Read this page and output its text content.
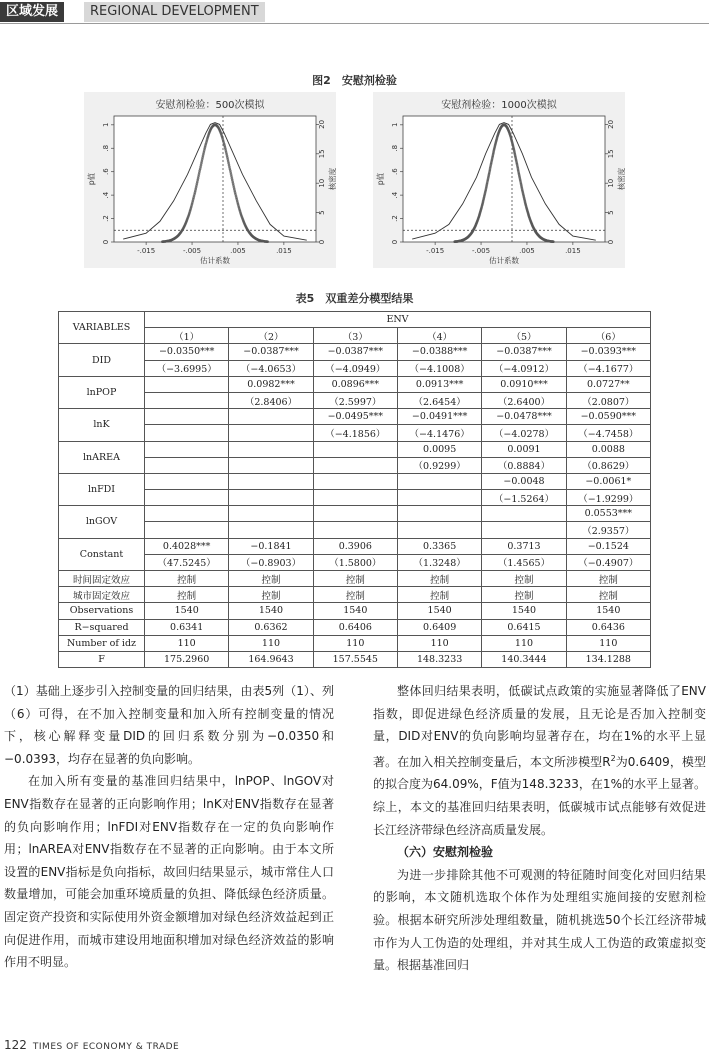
区域发展	REGIONAL DEVELOPMENT
图2　安慰剂检验
安慰剂检验：500次模拟	安慰剂检验：1000次模拟
0
.2
.4
.6
.8
1
0
5
10
15
20
p值	核密度
-.015	-.005	.005	.015
估计系数
0
.2
.4
.6
.8
1
0
5
10
15
20
p值	核密度
-.015	-.005	.005	.015
估计系数
表5　双重差分模型结果
VARIABLES	ENV					
	（1）	（2）	（3）	（4）	（5）	（6）
DID	−0.0350***	−0.0387***	−0.0387***	−0.0388***	−0.0387***	−0.0393***
	（−3.6995）	（−4.0653）	（−4.0949）	（−4.1008）	（−4.0912）	（−4.1677）
lnPOP		0.0982***	0.0896***	0.0913***	0.0910***	0.0727**
		（2.8406）	（2.5997）	（2.6454）	（2.6400）	（2.0807）
lnK			−0.0495***	−0.0491***	−0.0478***	−0.0590***
			（−4.1856）	（−4.1476）	（−4.0278）	（−4.7458）
lnAREA				0.0095	0.0091	0.0088
				（0.9299）	（0.8884）	（0.8629）
lnFDI					−0.0048	−0.0061*
					（−1.5264）	（−1.9299）
lnGOV						0.0553***
						（2.9357）
Constant	0.4028***	−0.1841	0.3906	0.3365	0.3713	−0.1524
	（47.5245）	（−0.8903）	（1.5800）	（1.3248）	（1.4565）	（−0.4907）
时间固定效应	控制	控制	控制	控制	控制	控制
城市固定效应	控制	控制	控制	控制	控制	控制
Observations	1540	1540	1540	1540	1540	1540
R−squared	0.6341	0.6362	0.6406	0.6409	0.6415	0.6436
Number of idz	110	110	110	110	110	110
F	175.2960	164.9643	157.5545	148.3233	140.3444	134.1288

（1）基础上逐步引入控制变量的回归结果，由表5列（1）、列（6）可得，在不加入控制变量和加入所有控制变量的情况下，核心解释变量DID的回归系数分别为−0.0350和−0.0393，均存在显著的负向影响。

在加入所有变量的基准回归结果中，lnPOP、lnGOV对ENV指数存在显著的正向影响作用；lnK对ENV指数存在显著的负向影响作用；lnFDI对ENV指数存在一定的负向影响作用；lnAREA对ENV指数存在不显著的正向影响。由于本文所设置的ENV指标是负向指标，故回归结果显示，城市常住人口数量增加，可能会加重环境质量的负担、降低绿色经济质量。固定资产投资和实际使用外资金额增加对绿色经济效益起到正向促进作用，而城市建设用地面积增加对绿色经济效益的影响作用不明显。

整体回归结果表明，低碳试点政策的实施显著降低了ENV指数，即促进绿色经济质量的发展，且无论是否加入控制变量，DID对ENV的负向影响均显著存在，均在1%的水平上显著。在加入相关控制变量后，本文所涉模型$R^2$为0.6409，模型的拟合度为64.09%，F值为148.3233，在1%的水平上显著。综上，本文的基准回归结果表明，低碳城市试点能够有效促进长江经济带绿色经济高质量发展。

（六）安慰剂检验

为进一步排除其他不可观测的特征随时间变化对回归结果的影响，本文随机选取个体作为处理组实施间接的安慰剂检验。根据本研究所涉处理组数量，随机挑选50个长江经济带城市作为人工伪造的处理组，并对其生成人工伪造的政策虚拟变量。根据基准回归

122 TIMES OF ECONOMY & TRADE
